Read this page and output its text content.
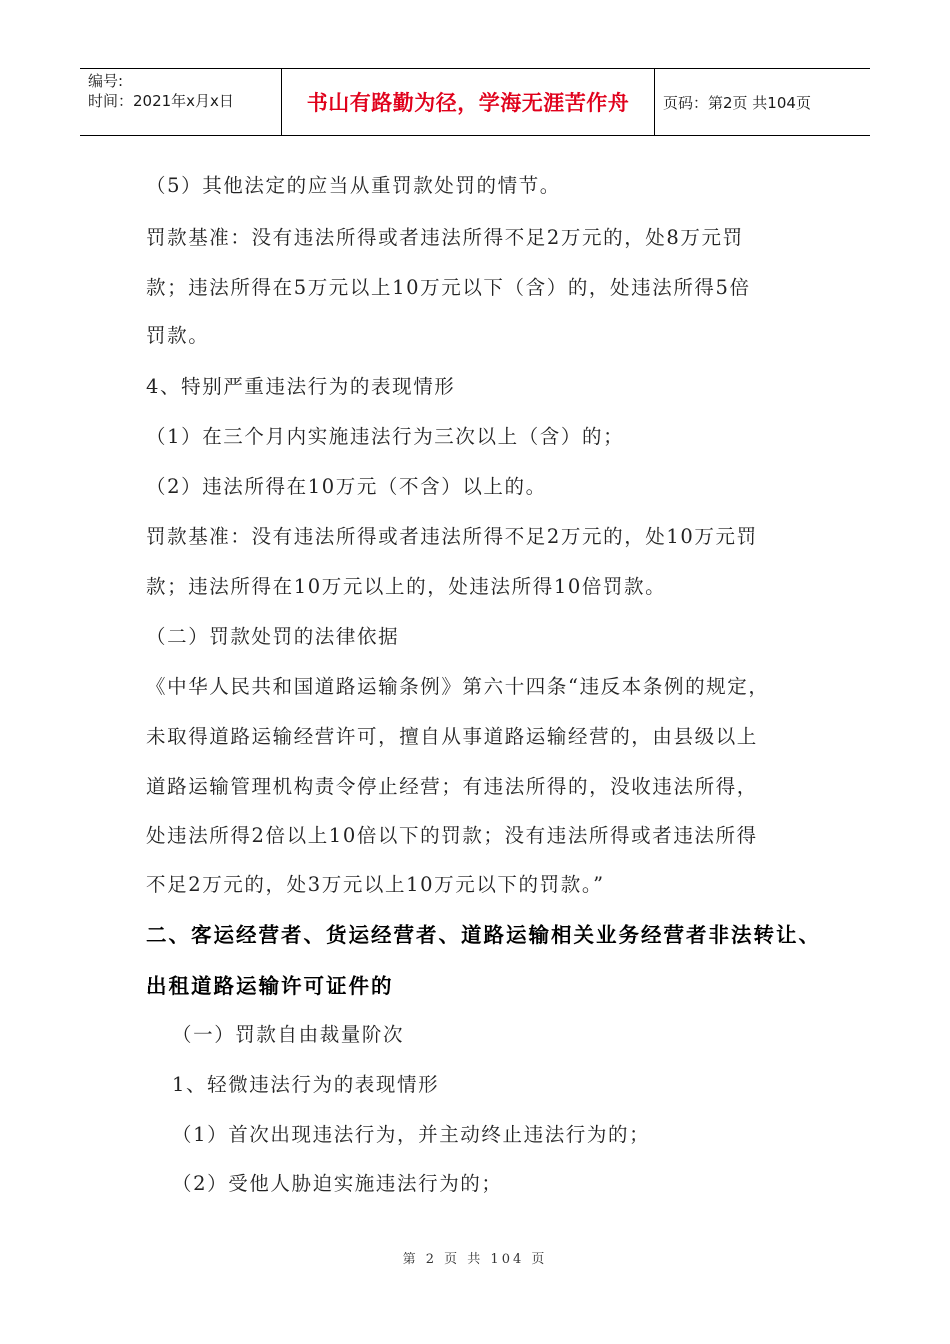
编号:
时间：2021年x月x日	书山有路勤为径，学海无涯苦作舟 页码：第2页 共104页
（5）其他法定的应当从重罚款处罚的情节。
罚款基准：没有违法所得或者违法所得不足2万元的，处8万元罚
款；违法所得在5万元以上10万元以下（含）的，处违法所得5倍
罚款。
4、特别严重违法行为的表现情形
（1）在三个月内实施违法行为三次以上（含）的；
（2）违法所得在10万元（不含）以上的。
罚款基准：没有违法所得或者违法所得不足2万元的，处10万元罚
款；违法所得在10万元以上的，处违法所得10倍罚款。
（二）罚款处罚的法律依据
《中华人民共和国道路运输条例》第六十四条“违反本条例的规定，
未取得道路运输经营许可，擅自从事道路运输经营的，由县级以上
道路运输管理机构责令停止经营；有违法所得的，没收违法所得，
处违法所得2倍以上10倍以下的罚款；没有违法所得或者违法所得
不足2万元的，处3万元以上10万元以下的罚款。”
二、客运经营者、货运经营者、道路运输相关业务经营者非法转让、
出租道路运输许可证件的
（一）罚款自由裁量阶次
1、轻微违法行为的表现情形
（1）首次出现违法行为，并主动终止违法行为的；
（2）受他人胁迫实施违法行为的；
第 2 页 共 104 页
